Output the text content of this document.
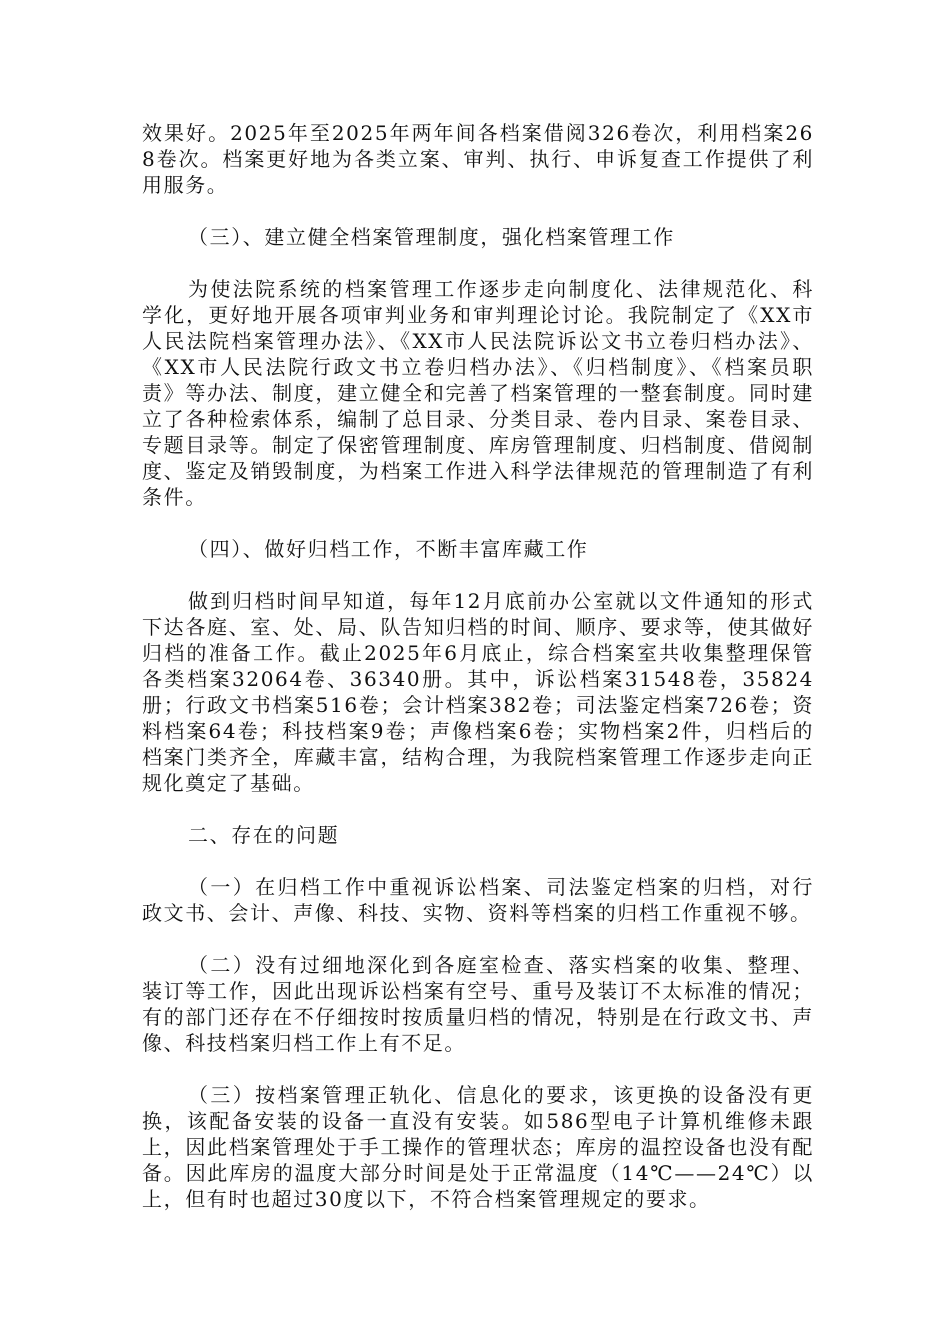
效果好。2025年至2025年两年间各档案借阅326卷次，利用档案268卷次。档案更好地为各类立案、审判、执行、申诉复查工作提供了利用服务。

（三）、建立健全档案管理制度，强化档案管理工作

为使法院系统的档案管理工作逐步走向制度化、法律规范化、科学化，更好地开展各项审判业务和审判理论讨论。我院制定了《XX市人民法院档案管理办法》、《XX市人民法院诉讼文书立卷归档办法》、《XX市人民法院行政文书立卷归档办法》、《归档制度》、《档案员职责》等办法、制度，建立健全和完善了档案管理的一整套制度。同时建立了各种检索体系，编制了总目录、分类目录、卷内目录、案卷目录、专题目录等。制定了保密管理制度、库房管理制度、归档制度、借阅制度、鉴定及销毁制度，为档案工作进入科学法律规范的管理制造了有利条件。

（四）、做好归档工作，不断丰富库藏工作

做到归档时间早知道，每年12月底前办公室就以文件通知的形式下达各庭、室、处、局、队告知归档的时间、顺序、要求等，使其做好归档的准备工作。截止2025年6月底止，综合档案室共收集整理保管各类档案32064卷、36340册。其中，诉讼档案31548卷，35824册；行政文书档案516卷；会计档案382卷；司法鉴定档案726卷；资料档案64卷；科技档案9卷；声像档案6卷；实物档案2件，归档后的档案门类齐全，库藏丰富，结构合理，为我院档案管理工作逐步走向正规化奠定了基础。

二、存在的问题

（一）在归档工作中重视诉讼档案、司法鉴定档案的归档，对行政文书、会计、声像、科技、实物、资料等档案的归档工作重视不够。

（二）没有过细地深化到各庭室检查、落实档案的收集、整理、装订等工作，因此出现诉讼档案有空号、重号及装订不太标准的情况；有的部门还存在不仔细按时按质量归档的情况，特别是在行政文书、声像、科技档案归档工作上有不足。

（三）按档案管理正轨化、信息化的要求，该更换的设备没有更换，该配备安装的设备一直没有安装。如586型电子计算机维修未跟上，因此档案管理处于手工操作的管理状态；库房的温控设备也没有配备。因此库房的温度大部分时间是处于正常温度（14℃——24℃）以上，但有时也超过30度以下，不符合档案管理规定的要求。
